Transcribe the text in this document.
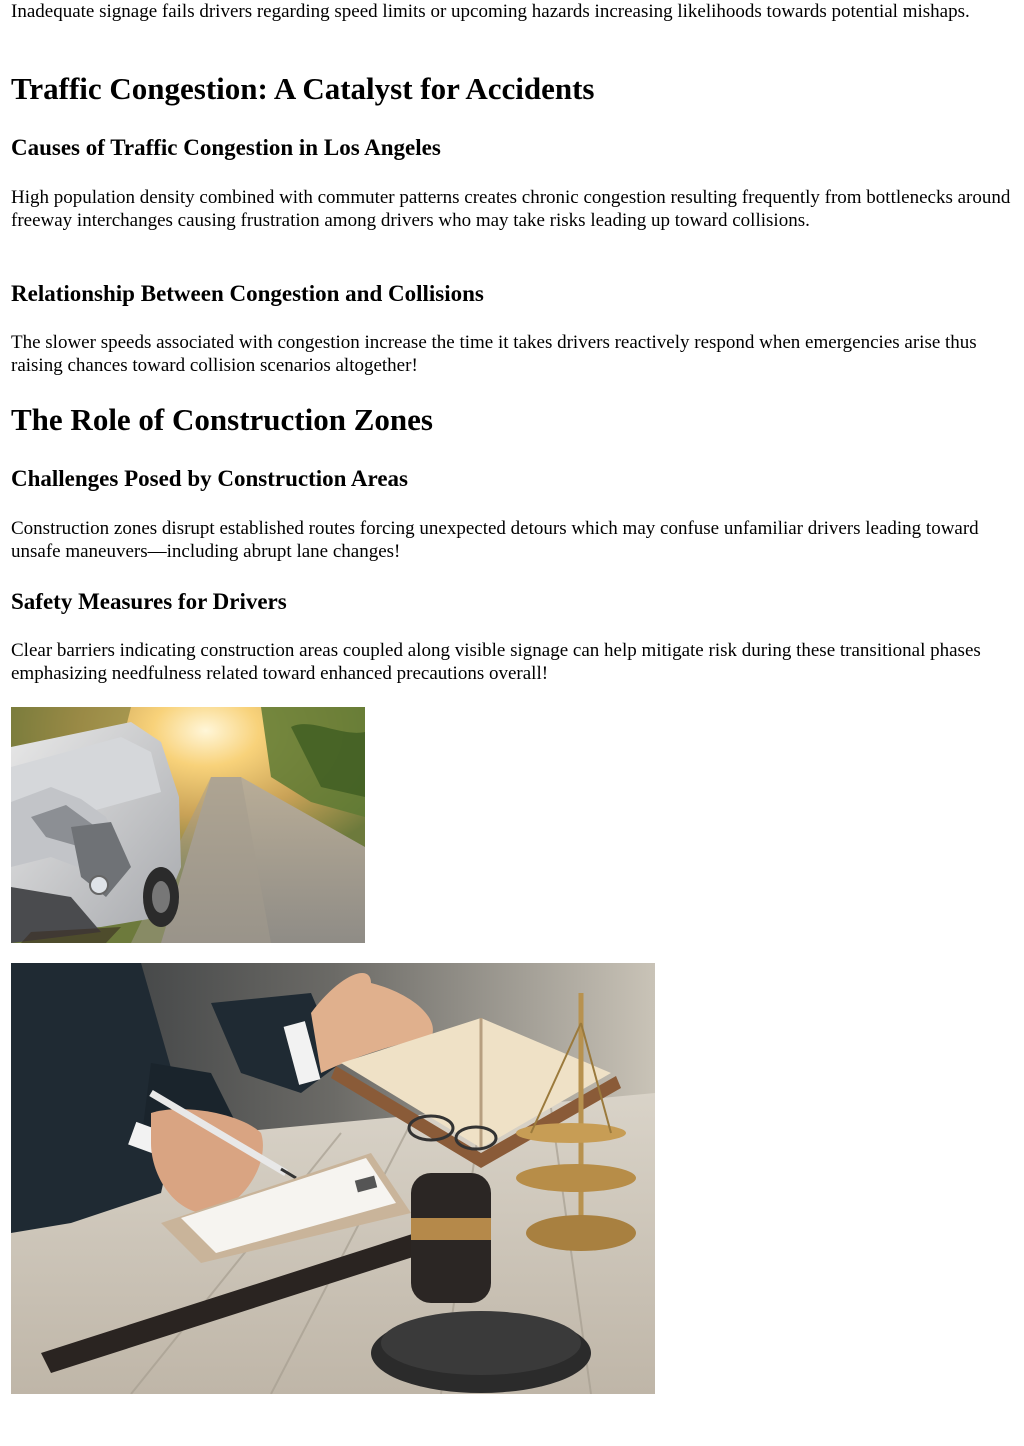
Inadequate signage fails drivers regarding speed limits or upcoming hazards increasing likelihoods towards potential mishaps.

Traffic Congestion: A Catalyst for Accidents
Causes of Traffic Congestion in Los Angeles

High population density combined with commuter patterns creates chronic congestion resulting frequently from bottlenecks around freeway interchanges causing frustration among drivers who may take risks leading up toward collisions.

Relationship Between Congestion and Collisions

The slower speeds associated with congestion increase the time it takes drivers reactively respond when emergencies arise thus raising chances toward collision scenarios altogether!

The Role of Construction Zones
Challenges Posed by Construction Areas

Construction zones disrupt established routes forcing unexpected detours which may confuse unfamiliar drivers leading toward unsafe maneuvers—including abrupt lane changes!

Safety Measures for Drivers

Clear barriers indicating construction areas coupled along visible signage can help mitigate risk during these transitional phases emphasizing needfulness related toward enhanced precautions overall!
